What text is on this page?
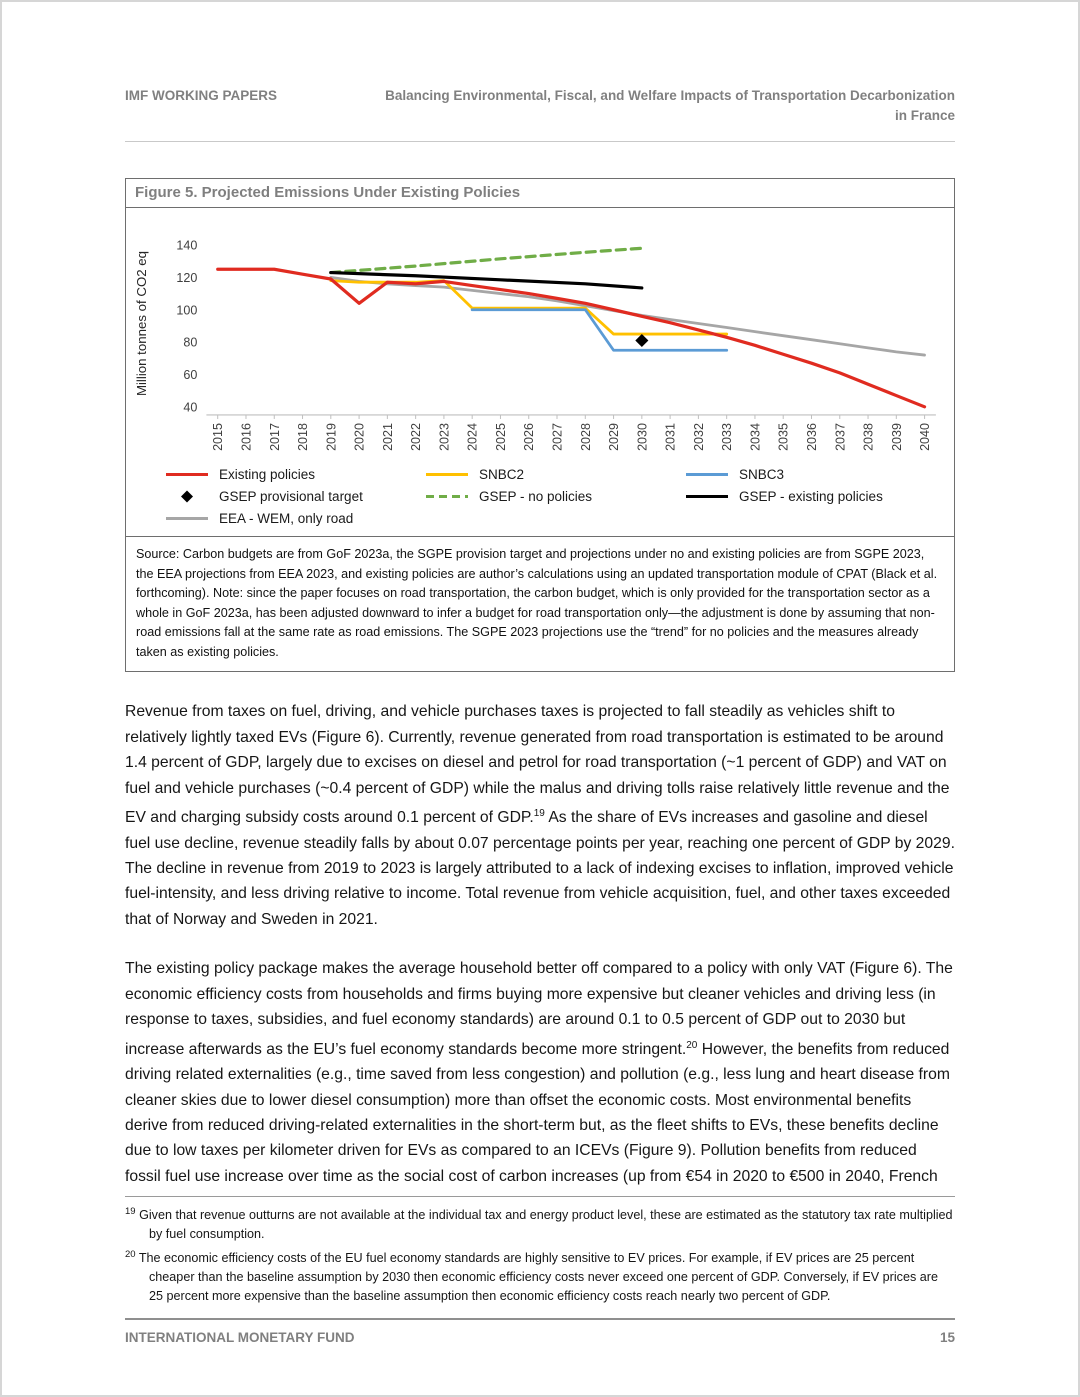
IMF WORKING PAPERS	Balancing Environmental, Fiscal, and Welfare Impacts of Transportation Decarbonization
in France
Figure 5. Projected Emissions Under Existing Policies
2015 2016 2017 2018 2019 2020 2021 2022 2023 2024 2025 2026 2027 2028 2029 2030 2031 2032 2033 2034 2035 2036 2037 2038 2039 2040
40
60
80
100
120
140
Million tonnes of CO2 eq
Existing policies	SNBC2	SNBC3
GSEP provisional target	GSEP - no policies	GSEP - existing policies
EEA - WEM, only road
Source: Carbon budgets are from GoF 2023a, the SGPE provision target and projections under no and existing policies are from SGPE 2023, the EEA projections from EEA 2023, and existing policies are author’s calculations using an updated transportation module of CPAT (Black et al. forthcoming). Note: since the paper focuses on road transportation, the carbon budget, which is only provided for the transportation sector as a whole in GoF 2023a, has been adjusted downward to infer a budget for road transportation only—the adjustment is done by assuming that non-road emissions fall at the same rate as road emissions. The SGPE 2023 projections use the “trend” for no policies and the measures already taken as existing policies.

Revenue from taxes on fuel, driving, and vehicle purchases taxes is projected to fall steadily as vehicles shift to relatively lightly taxed EVs (Figure 6). Currently, revenue generated from road transportation is estimated to be around 1.4 percent of GDP, largely due to excises on diesel and petrol for road transportation (~1 percent of GDP) and VAT on fuel and vehicle purchases (~0.4 percent of GDP) while the malus and driving tolls raise relatively little revenue and the EV and charging subsidy costs around 0.1 percent of GDP.$^{19}$ As the share of EVs increases and gasoline and diesel fuel use decline, revenue steadily falls by about 0.07 percentage points per year, reaching one percent of GDP by 2029. The decline in revenue from 2019 to 2023 is largely attributed to a lack of indexing excises to inflation, improved vehicle fuel-intensity, and less driving relative to income. Total revenue from vehicle acquisition, fuel, and other taxes exceeded that of Norway and Sweden in 2021.

The existing policy package makes the average household better off compared to a policy with only VAT (Figure 6). The economic efficiency costs from households and firms buying more expensive but cleaner vehicles and driving less (in response to taxes, subsidies, and fuel economy standards) are around 0.1 to 0.5 percent of GDP out to 2030 but increase afterwards as the EU’s fuel economy standards become more stringent.$^{20}$ However, the benefits from reduced driving related externalities (e.g., time saved from less congestion) and pollution (e.g., less lung and heart disease from cleaner skies due to lower diesel consumption) more than offset the economic costs. Most environmental benefits derive from reduced driving-related externalities in the short-term but, as the fleet shifts to EVs, these benefits decline due to low taxes per kilometer driven for EVs as compared to an ICEVs (Figure 9). Pollution benefits from reduced fossil fuel use increase over time as the social cost of carbon increases (up from €54 in 2020 to €500 in 2040, French

$^{19}$ Given that revenue outturns are not available at the individual tax and energy product level, these are estimated as the statutory tax rate multiplied by fuel consumption.
$^{20}$ The economic efficiency costs of the EU fuel economy standards are highly sensitive to EV prices. For example, if EV prices are 25 percent cheaper than the baseline assumption by 2030 then economic efficiency costs never exceed one percent of GDP. Conversely, if EV prices are 25 percent more expensive than the baseline assumption then economic efficiency costs reach nearly two percent of GDP.
INTERNATIONAL MONETARY FUND	15
